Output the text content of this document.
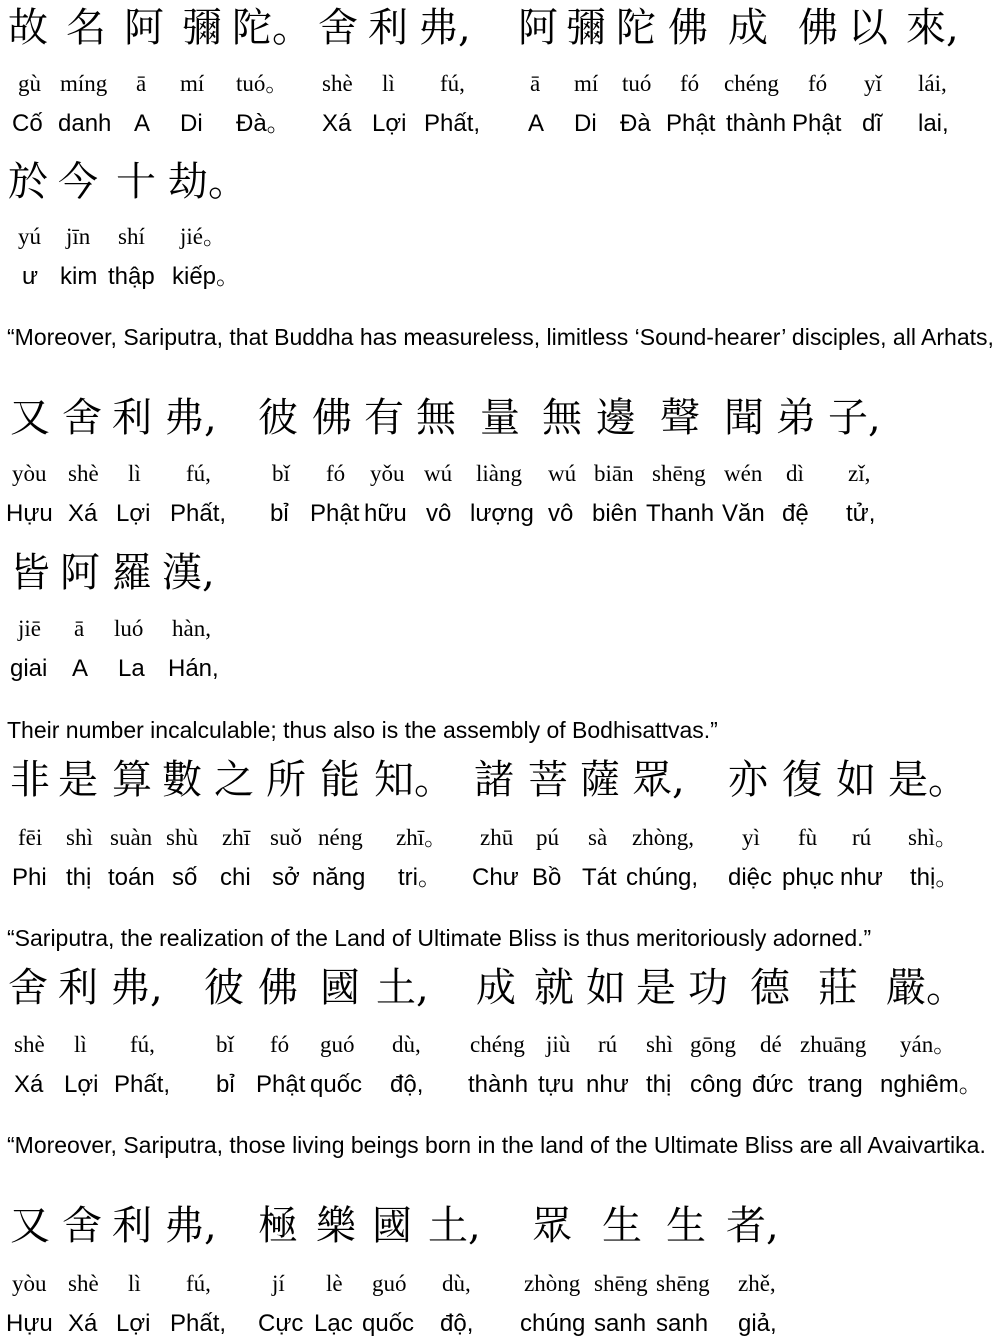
故 名 阿 彌 陀。 舍 利 弗, 阿 彌 陀 佛 成 佛 以 來,
gù míng ā mí tuó。 shè lì fú,	ā mí tuó fó chéng fó yǐ lái,
Cố danh A Di Đà。 Xá Lợi Phất, A Di Đà Phật thành Phật dĩ lai,
於 今 十 劫。
yú jīn shí jié。
ư kim thập kiếp。

“Moreover, Sariputra, that Buddha has measureless, limitless ‘Sound-hearer’ disciples, all Arhats,

又 舍 利 弗, 彼 佛 有 無 量 無 邊 聲 聞 弟 子,
yòu shè lì fú,	bǐ fó yǒu wú liàng wú biān shēng wén dì zǐ,
Hựu Xá Lợi Phất, bỉ Phật hữu vô lượng vô biên Thanh Văn đệ tử,
皆 阿 羅 漢,
jiē ā luó hàn,
giai A La Hán,

Their number incalculable; thus also is the assembly of Bodhisattvas.”

非 是 算 數 之 所 能 知。 諸 菩 薩 眾, 亦 復 如 是。
fēi shì suàn shù zhī suǒ néng zhī。 zhū pú sà zhòng, yì fù rú shì。
Phi thị toán số chi sở năng tri。 Chư Bồ Tát chúng, diệc phục như thị。

“Sariputra, the realization of the Land of Ultimate Bliss is thus meritoriously adorned.”

舍 利 弗, 彼 佛 國 土, 成 就 如 是 功 德 莊 嚴。
shè lì fú,	bǐ fó guó dù, chéng jiù rú shì gōng dé zhuāng yán。
Xá Lợi Phất, bỉ Phật quốc độ, thành tựu như thị công đức trang nghiêm。

“Moreover, Sariputra, those living beings born in the land of the Ultimate Bliss are all Avaivartika.

又 舍 利 弗, 極 樂 國 土, 眾 生 生 者,
yòu shè lì fú,	jí lè guó dù, zhòng shēng shēng zhě,
Hựu Xá Lợi Phất, Cực Lạc quốc độ, chúng sanh sanh giả,
